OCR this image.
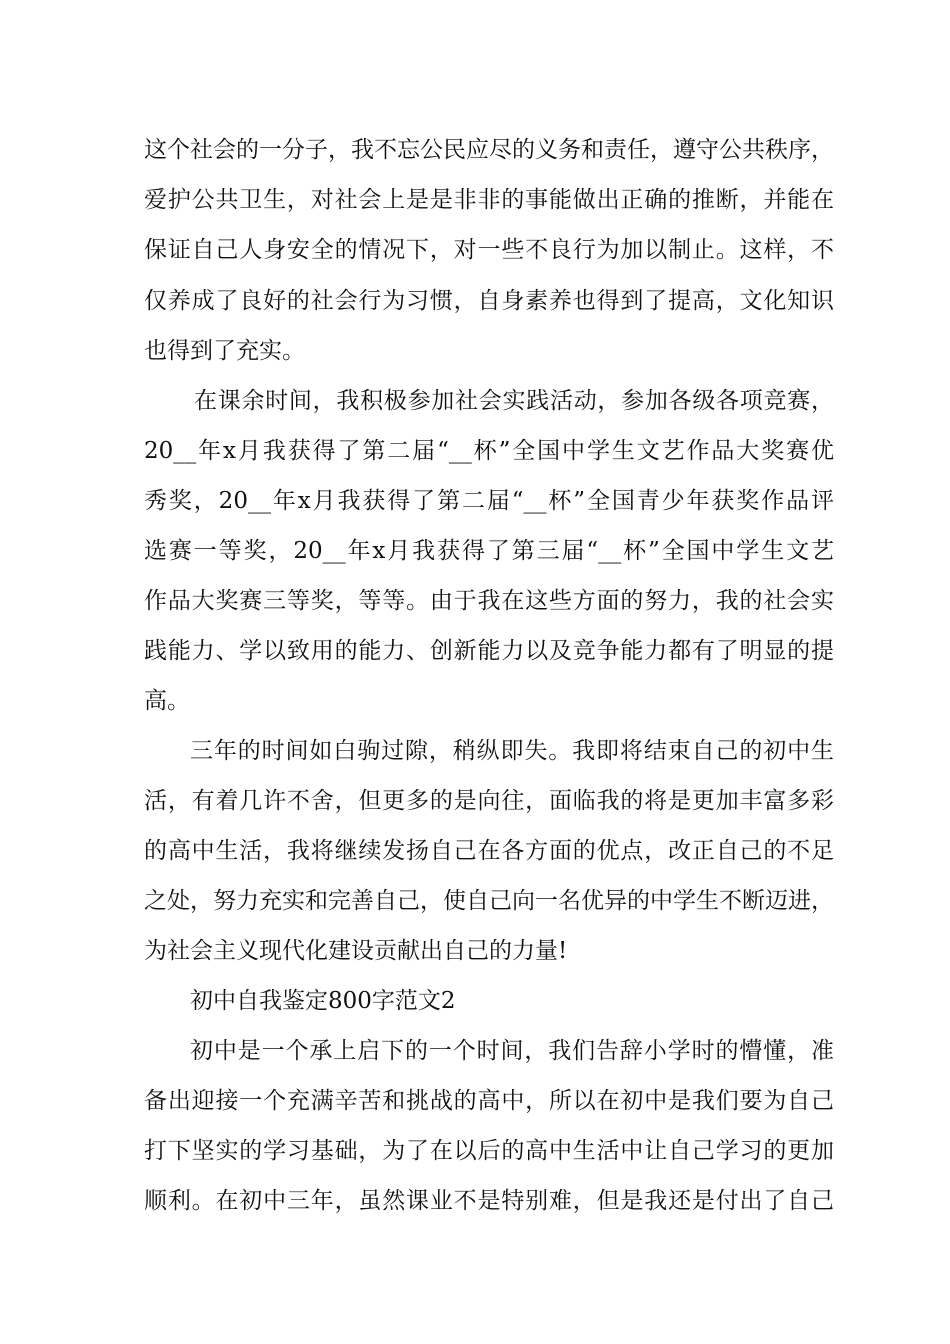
这个社会的一分子，我不忘公民应尽的义务和责任，遵守公共秩序，
爱护公共卫生，对社会上是是非非的事能做出正确的推断，并能在
保证自己人身安全的情况下，对一些不良行为加以制止。这样，不
仅养成了良好的社会行为习惯，自身素养也得到了提高，文化知识
也得到了充实。
在课余时间，我积极参加社会实践活动，参加各级各项竞赛，
20__年x月我获得了第二届“__杯”全国中学生文艺作品大奖赛优
秀奖，20__年x月我获得了第二届“__杯”全国青少年获奖作品评
选赛一等奖，20__年x月我获得了第三届“__杯”全国中学生文艺
作品大奖赛三等奖，等等。由于我在这些方面的努力，我的社会实
践能力、学以致用的能力、创新能力以及竞争能力都有了明显的提
高。
三年的时间如白驹过隙，稍纵即失。我即将结束自己的初中生
活，有着几许不舍，但更多的是向往，面临我的将是更加丰富多彩
的高中生活，我将继续发扬自己在各方面的优点，改正自己的不足
之处，努力充实和完善自己，使自己向一名优异的中学生不断迈进，
为社会主义现代化建设贡献出自己的力量!
初中自我鉴定800字范文2
初中是一个承上启下的一个时间，我们告辞小学时的懵懂，准
备出迎接一个充满辛苦和挑战的高中，所以在初中是我们要为自己
打下坚实的学习基础，为了在以后的高中生活中让自己学习的更加
顺利。在初中三年，虽然课业不是特别难，但是我还是付出了自己
